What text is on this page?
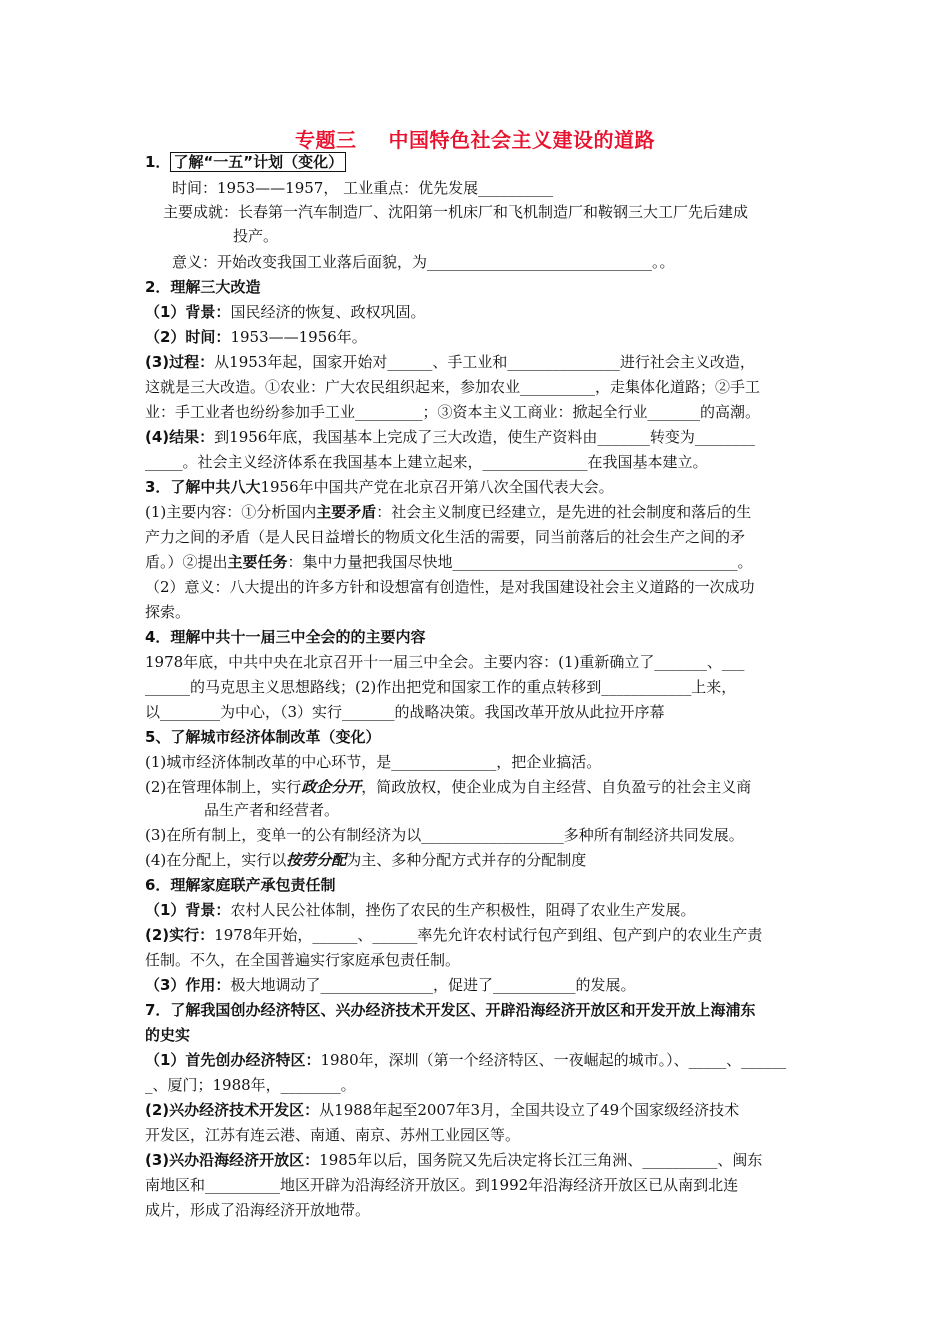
专题三 中国特色社会主义建设的道路
1． 了解“一五”计划（变化）
时间：1953——1957， 工业重点：优先发展__________
主要成就：长春第一汽车制造厂、沈阳第一机床厂和飞机制造厂和鞍钢三大工厂先后建成
投产。
意义：开始改变我国工业落后面貌，为______________________________。。
2．理解三大改造
（1）背景：国民经济的恢复、政权巩固。
（2）时间：1953——1956年。
(3)过程：从1953年起，国家开始对______、手工业和_______________进行社会主义改造，
这就是三大改造。①农业：广大农民组织起来，参加农业__________，走集体化道路；②手工
业：手工业者也纷纷参加手工业_________；③资本主义工商业：掀起全行业_______的高潮。
(4)结果：到1956年底，我国基本上完成了三大改造，使生产资料由_______转变为________
_____。社会主义经济体系在我国基本上建立起来，______________在我国基本建立。
3．了解中共八大1956年中国共产党在北京召开第八次全国代表大会。
(1)主要内容：①分析国内主要矛盾：社会主义制度已经建立，是先进的社会制度和落后的生
产力之间的矛盾（是人民日益增长的物质文化生活的需要，同当前落后的社会生产之间的矛
盾。）②提出主要任务：集中力量把我国尽快地______________________________________。
（2）意义：八大提出的许多方针和设想富有创造性，是对我国建设社会主义道路的一次成功
探索。
4．理解中共十一届三中全会的的主要内容
1978年底，中共中央在北京召开十一届三中全会。主要内容：(1)重新确立了_______、___
______的马克思主义思想路线；(2)作出把党和国家工作的重点转移到____________上来，
以________为中心，（3）实行_______的战略决策。我国改革开放从此拉开序幕
5、了解城市经济体制改革（变化）
(1)城市经济体制改革的中心环节，是______________，把企业搞活。
(2)在管理体制上，实行政企分开，简政放权，使企业成为自主经营、自负盈亏的社会主义商
品生产者和经营者。
(3)在所有制上，变单一的公有制经济为以___________________多种所有制经济共同发展。
(4)在分配上，实行以按劳分配为主、多种分配方式并存的分配制度
6．理解家庭联产承包责任制
（1）背景：农村人民公社体制，挫伤了农民的生产积极性，阻碍了农业生产发展。
(2)实行：1978年开始，______、______率先允许农村试行包产到组、包产到户的农业生产责
任制。不久，在全国普遍实行家庭承包责任制。
（3）作用：极大地调动了_______________，促进了___________的发展。
7．了解我国创办经济特区、兴办经济技术开发区、开辟沿海经济开放区和开发开放上海浦东
的史实
（1）首先创办经济特区：1980年，深圳（第一个经济特区、一夜崛起的城市。）、_____、______
_、厦门；1988年，________。
(2)兴办经济技术开发区：从1988年起至2007年3月，全国共设立了49个国家级经济技术
开发区，江苏有连云港、南通、南京、苏州工业园区等。
(3)兴办沿海经济开放区：1985年以后，国务院又先后决定将长江三角洲、__________、闽东
南地区和__________地区开辟为沿海经济开放区。到1992年沿海经济开放区已从南到北连
成片，形成了沿海经济开放地带。
